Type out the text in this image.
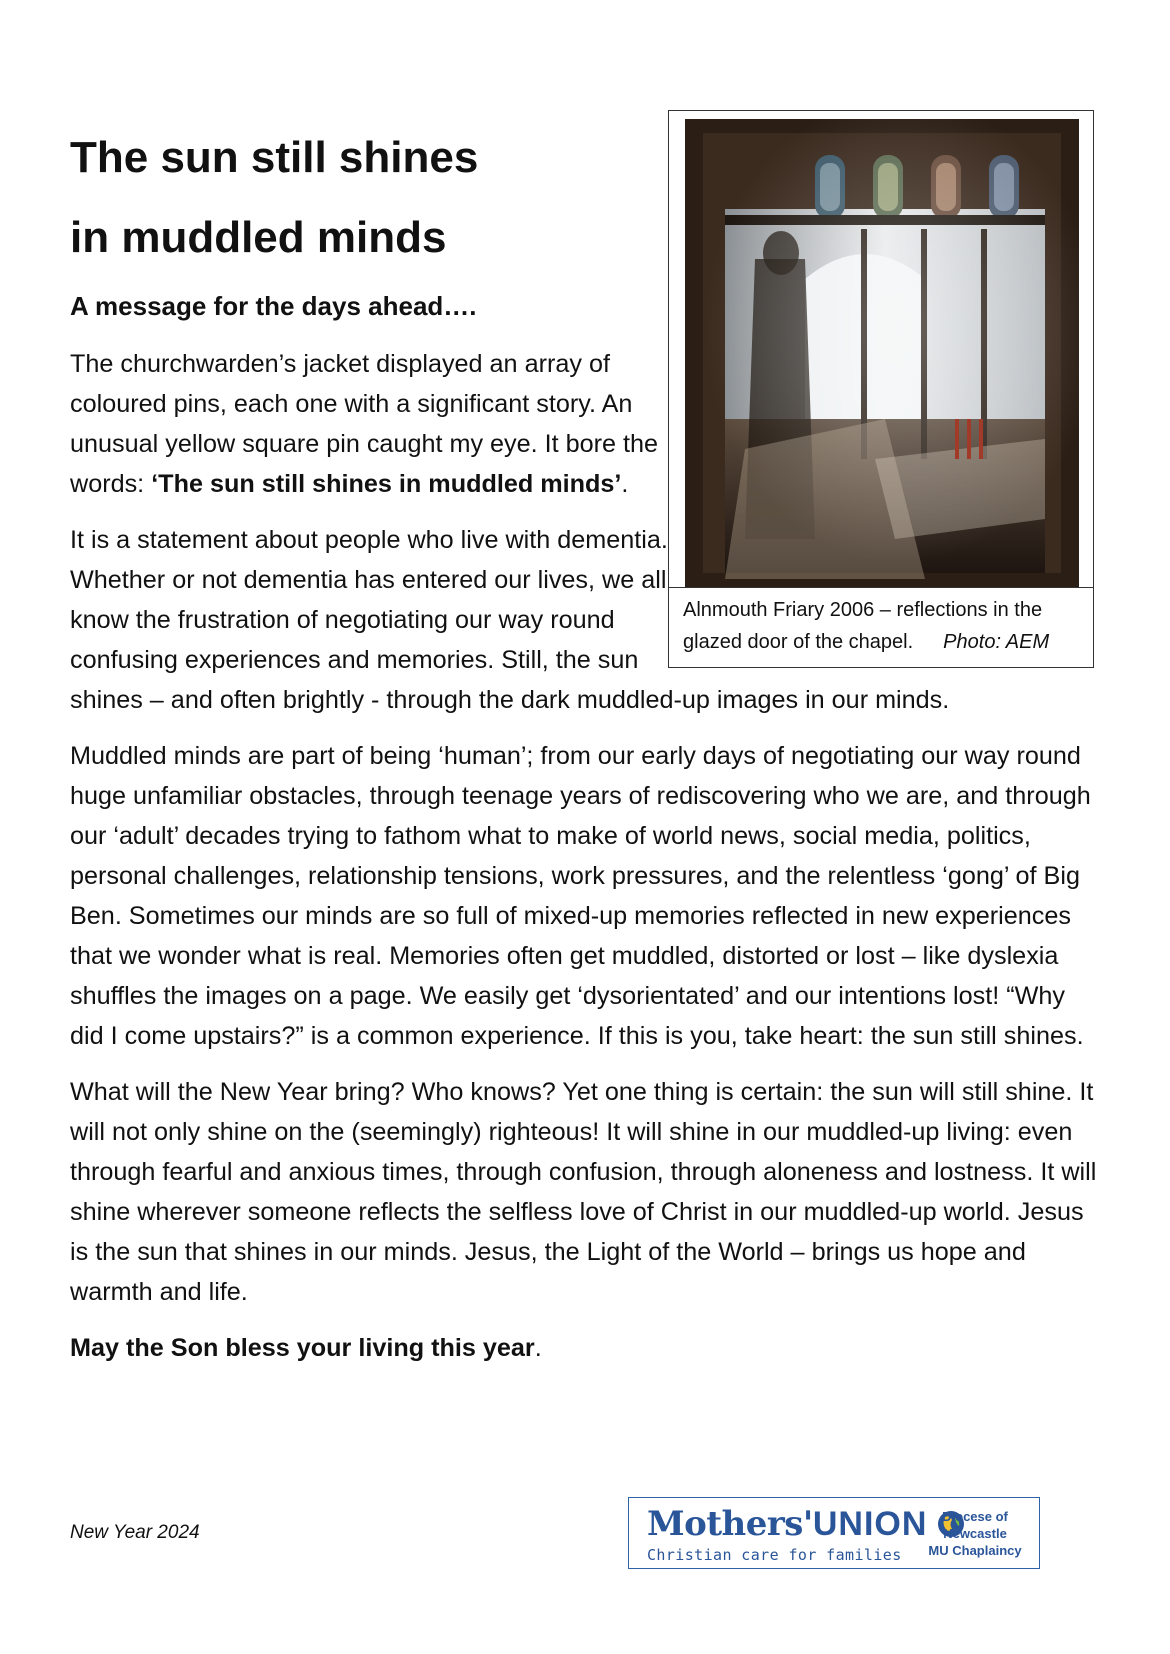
The sun still shines
in muddled minds
A message for the days ahead….

The churchwarden’s jacket displayed an array of coloured pins, each one with a significant story. An unusual yellow square pin caught my eye. It bore the words: ‘The sun still shines in muddled minds’.

It is a statement about people who live with dementia. Whether or not dementia has entered our lives, we all know the frustration of negotiating our way round confusing experiences and memories. Still, the sun shines – and often brightly - through the dark muddled-up images in our minds.

Muddled minds are part of being ‘human’; from our early days of negotiating our way round huge unfamiliar obstacles, through teenage years of rediscovering who we are, and through our ‘adult’ decades trying to fathom what to make of world news, social media, politics, personal challenges, relationship tensions, work pressures, and the relentless ‘gong’ of Big Ben. Sometimes our minds are so full of mixed-up memories reflected in new experiences that we wonder what is real. Memories often get muddled, distorted or lost – like dyslexia shuffles the images on a page. We easily get ‘dysorientated’ and our intentions lost! “Why did I come upstairs?” is a common experience. If this is you, take heart: the sun still shines.

What will the New Year bring? Who knows? Yet one thing is certain: the sun will still shine. It will not only shine on the (seemingly) righteous! It will shine in our muddled-up living: even through fearful and anxious times, through confusion, through aloneness and lostness. It will shine wherever someone reflects the selfless love of Christ in our muddled-up world. Jesus is the sun that shines in our minds. Jesus, the Light of the World – brings us hope and warmth and life.

May the Son bless your living this year.

Alnmouth Friary 2006 – reflections in the glazed door of the chapel. Photo: AEM

New Year 2024	Mothers'UNION
Christian care for families
Diocese of
Newcastle
MU Chaplaincy
